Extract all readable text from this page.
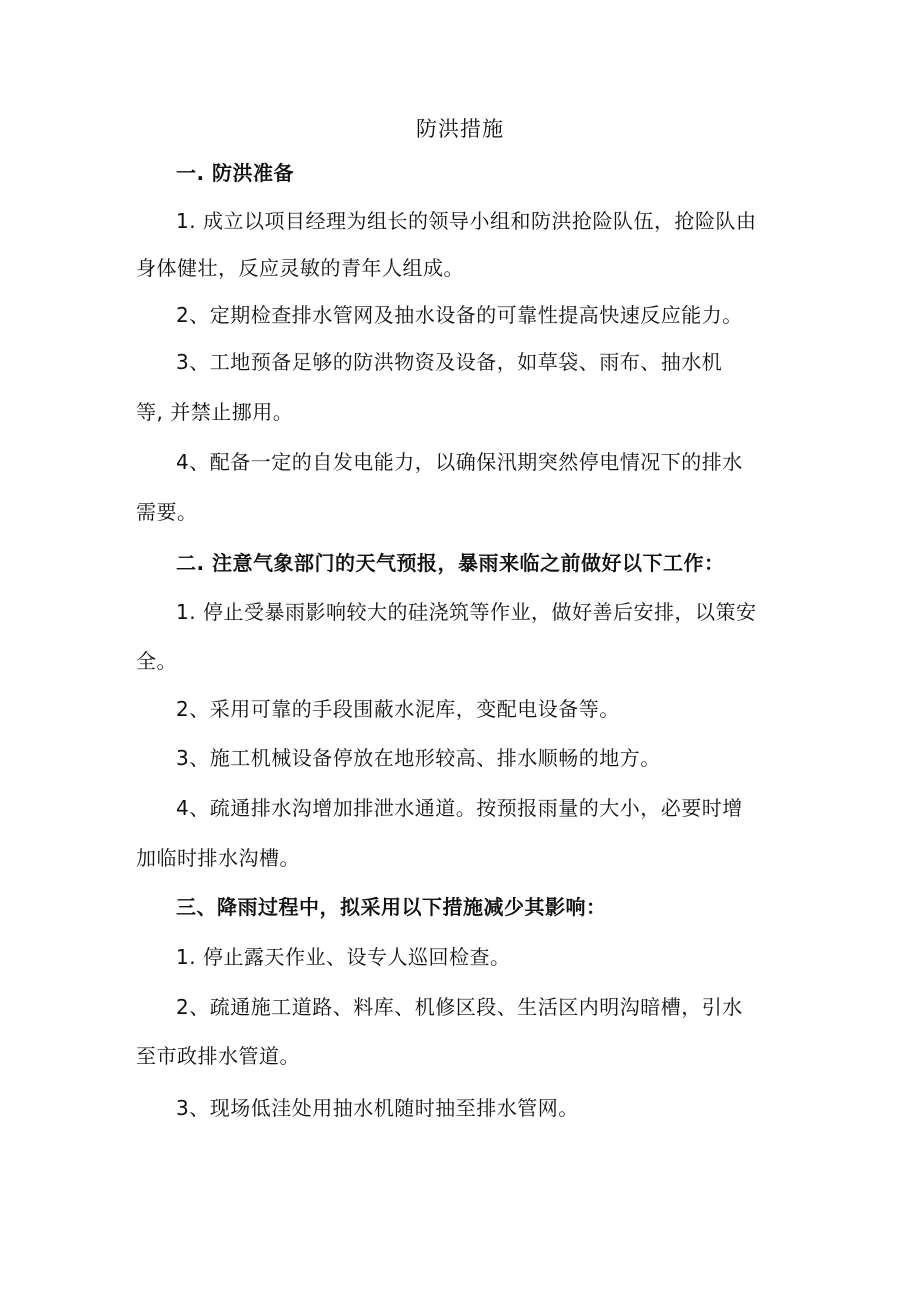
防洪措施
一. 防洪准备
1. 成立以项目经理为组长的领导小组和防洪抢险队伍，抢险队由
身体健壮，反应灵敏的青年人组成。
2、定期检查排水管网及抽水设备的可靠性提高快速反应能力。
3、工地预备足够的防洪物资及设备，如草袋、雨布、抽水机
等, 并禁止挪用。
4、配备一定的自发电能力，以确保汛期突然停电情况下的排水
需要。
二. 注意气象部门的天气预报，暴雨来临之前做好以下工作：
1. 停止受暴雨影响较大的硅浇筑等作业，做好善后安排，以策安
全。
2、采用可靠的手段围蔽水泥库，变配电设备等。
3、施工机械设备停放在地形较高、排水顺畅的地方。
4、疏通排水沟增加排泄水通道。按预报雨量的大小，必要时增
加临时排水沟槽。
三、降雨过程中，拟采用以下措施减少其影响：
1. 停止露天作业、设专人巡回检查。
2、疏通施工道路、料库、机修区段、生活区内明沟暗槽，引水
至市政排水管道。
3、现场低洼处用抽水机随时抽至排水管网。
